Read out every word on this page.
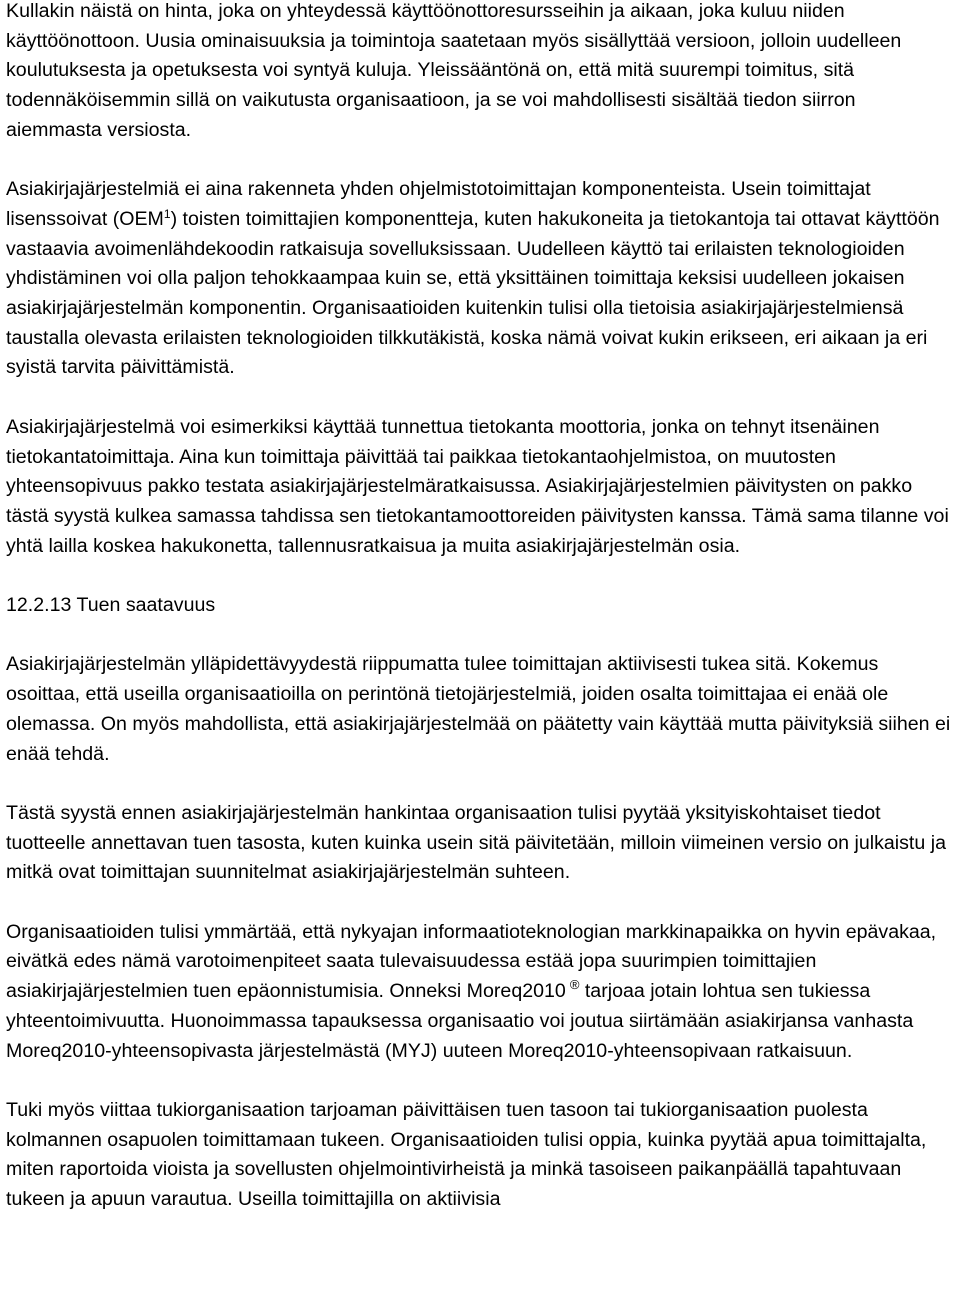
Kullakin näistä on hinta, joka on yhteydessä käyttöönottoresursseihin ja aikaan, joka kuluu niiden käyttöönottoon. Uusia ominaisuuksia ja toimintoja saatetaan myös sisällyttää versioon, jolloin uudelleen koulutuksesta ja opetuksesta voi syntyä kuluja. Yleissääntönä on, että mitä suurempi toimitus, sitä todennäköisemmin sillä on vaikutusta organisaatioon, ja se voi mahdollisesti sisältää tiedon siirron aiemmasta versiosta.

Asiakirjajärjestelmiä ei aina rakenneta yhden ohjelmistotoimittajan komponenteista. Usein toimittajat lisenssoivat (OEM$^1$) toisten toimittajien komponentteja, kuten hakukoneita ja tietokantoja tai ottavat käyttöön vastaavia avoimenlähdekoodin ratkaisuja sovelluksissaan. Uudelleen käyttö tai erilaisten teknologioiden yhdistäminen voi olla paljon tehokkaampaa kuin se, että yksittäinen toimittaja keksisi uudelleen jokaisen asiakirjajärjestelmän komponentin. Organisaatioiden kuitenkin tulisi olla tietoisia asiakirjajärjestelmiensä taustalla olevasta erilaisten teknologioiden tilkkutäkistä, koska nämä voivat kukin erikseen, eri aikaan ja eri syistä tarvita päivittämistä.

Asiakirjajärjestelmä voi esimerkiksi käyttää tunnettua tietokanta moottoria, jonka on tehnyt itsenäinen tietokantatoimittaja. Aina kun toimittaja päivittää tai paikkaa tietokantaohjelmistoa, on muutosten yhteensopivuus pakko testata asiakirjajärjestelmäratkaisussa. Asiakirjajärjestelmien päivitysten on pakko tästä syystä kulkea samassa tahdissa sen tietokantamoottoreiden päivitysten kanssa. Tämä sama tilanne voi yhtä lailla koskea hakukonetta, tallennusratkaisua ja muita asiakirjajärjestelmän osia.

12.2.13 Tuen saatavuus

Asiakirjajärjestelmän ylläpidettävyydestä riippumatta tulee toimittajan aktiivisesti tukea sitä. Kokemus osoittaa, että useilla organisaatioilla on perintönä tietojärjestelmiä, joiden osalta toimittajaa ei enää ole olemassa. On myös mahdollista, että asiakirjajärjestelmää on päätetty vain käyttää mutta päivityksiä siihen ei enää tehdä.

Tästä syystä ennen asiakirjajärjestelmän hankintaa organisaation tulisi pyytää yksityiskohtaiset tiedot tuotteelle annettavan tuen tasosta, kuten kuinka usein sitä päivitetään, milloin viimeinen versio on julkaistu ja mitkä ovat toimittajan suunnitelmat asiakirjajärjestelmän suhteen.

Organisaatioiden tulisi ymmärtää, että nykyajan informaatioteknologian markkinapaikka on hyvin epävakaa, eivätkä edes nämä varotoimenpiteet saata tulevaisuudessa estää jopa suurimpien toimittajien asiakirjajärjestelmien tuen epäonnistumisia. Onneksi Moreq2010 ® tarjoaa jotain lohtua sen tukiessa yhteentoimivuutta. Huonoimmassa tapauksessa organisaatio voi joutua siirtämään asiakirjansa vanhasta Moreq2010-yhteensopivasta järjestelmästä (MYJ) uuteen Moreq2010-yhteensopivaan ratkaisuun.

Tuki myös viittaa tukiorganisaation tarjoaman päivittäisen tuen tasoon tai tukiorganisaation puolesta kolmannen osapuolen toimittamaan tukeen. Organisaatioiden tulisi oppia, kuinka pyytää apua toimittajalta, miten raportoida vioista ja sovellusten ohjelmointivirheistä ja minkä tasoiseen paikanpäällä tapahtuvaan tukeen ja apuun varautua. Useilla toimittajilla on aktiivisia
